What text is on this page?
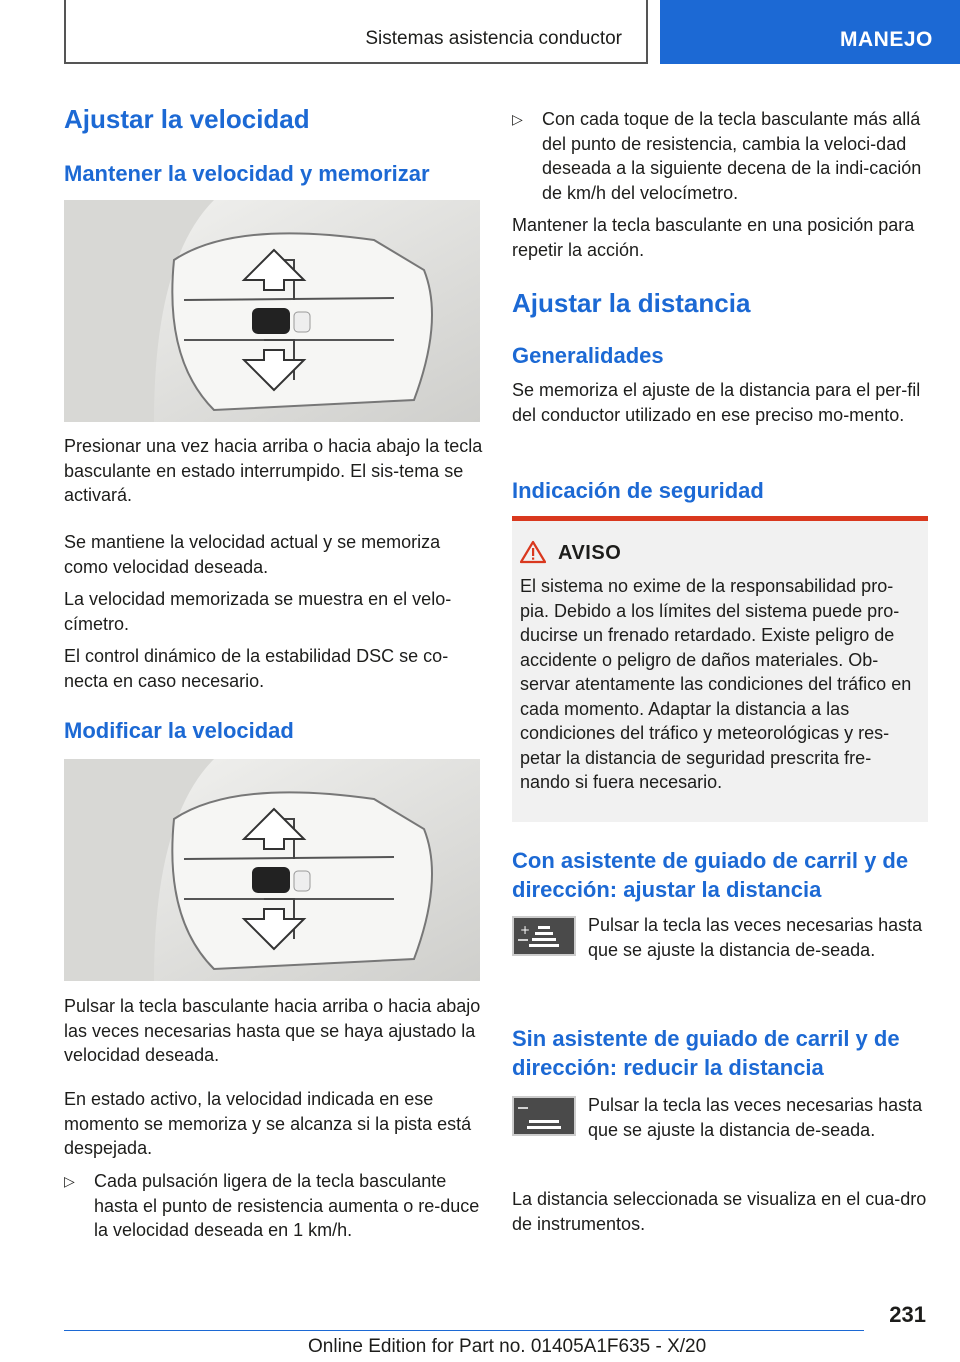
Sistemas asistencia conductor	MANEJO
Ajustar la velocidad
Mantener la velocidad y memorizar

Presionar una vez hacia arriba o hacia abajo la tecla basculante en estado interrumpido. El sis-tema se activará.

Se mantiene la velocidad actual y se memoriza como velocidad deseada.

La velocidad memorizada se muestra en el velo-címetro.

El control dinámico de la estabilidad DSC se co-necta en caso necesario.

Modificar la velocidad

Pulsar la tecla basculante hacia arriba o hacia abajo las veces necesarias hasta que se haya ajustado la velocidad deseada.

En estado activo, la velocidad indicada en ese momento se memoriza y se alcanza si la pista está despejada.

▷ Cada pulsación ligera de la tecla basculante hasta el punto de resistencia aumenta o re-duce la velocidad deseada en 1 km/h.
▷ Con cada toque de la tecla basculante más allá del punto de resistencia, cambia la veloci-dad deseada a la siguiente decena de la indi-cación de km/h del velocímetro.

Mantener la tecla basculante en una posición para repetir la acción.

Ajustar la distancia
Generalidades

Se memoriza el ajuste de la distancia para el per-fil del conductor utilizado en ese preciso mo-mento.

Indicación de seguridad
AVISO
El sistema no exime de la responsabilidad pro-pia. Debido a los límites del sistema puede pro-ducirse un frenado retardado. Existe peligro de accidente o peligro de daños materiales. Ob-servar atentamente las condiciones del tráfico en cada momento. Adaptar la distancia a las condiciones del tráfico y meteorológicas y res-petar la distancia de seguridad prescrita fre-nando si fuera necesario.
Con asistente de guiado de carril y de dirección: ajustar la distancia
+	Pulsar la tecla las veces necesarias hasta que se ajuste la distancia de-seada.
Sin asistente de guiado de carril y de dirección: reducir la distancia
Pulsar la tecla las veces necesarias hasta que se ajuste la distancia de-seada.

La distancia seleccionada se visualiza en el cua-dro de instrumentos.

231
Online Edition for Part no. 01405A1F635 - X/20
